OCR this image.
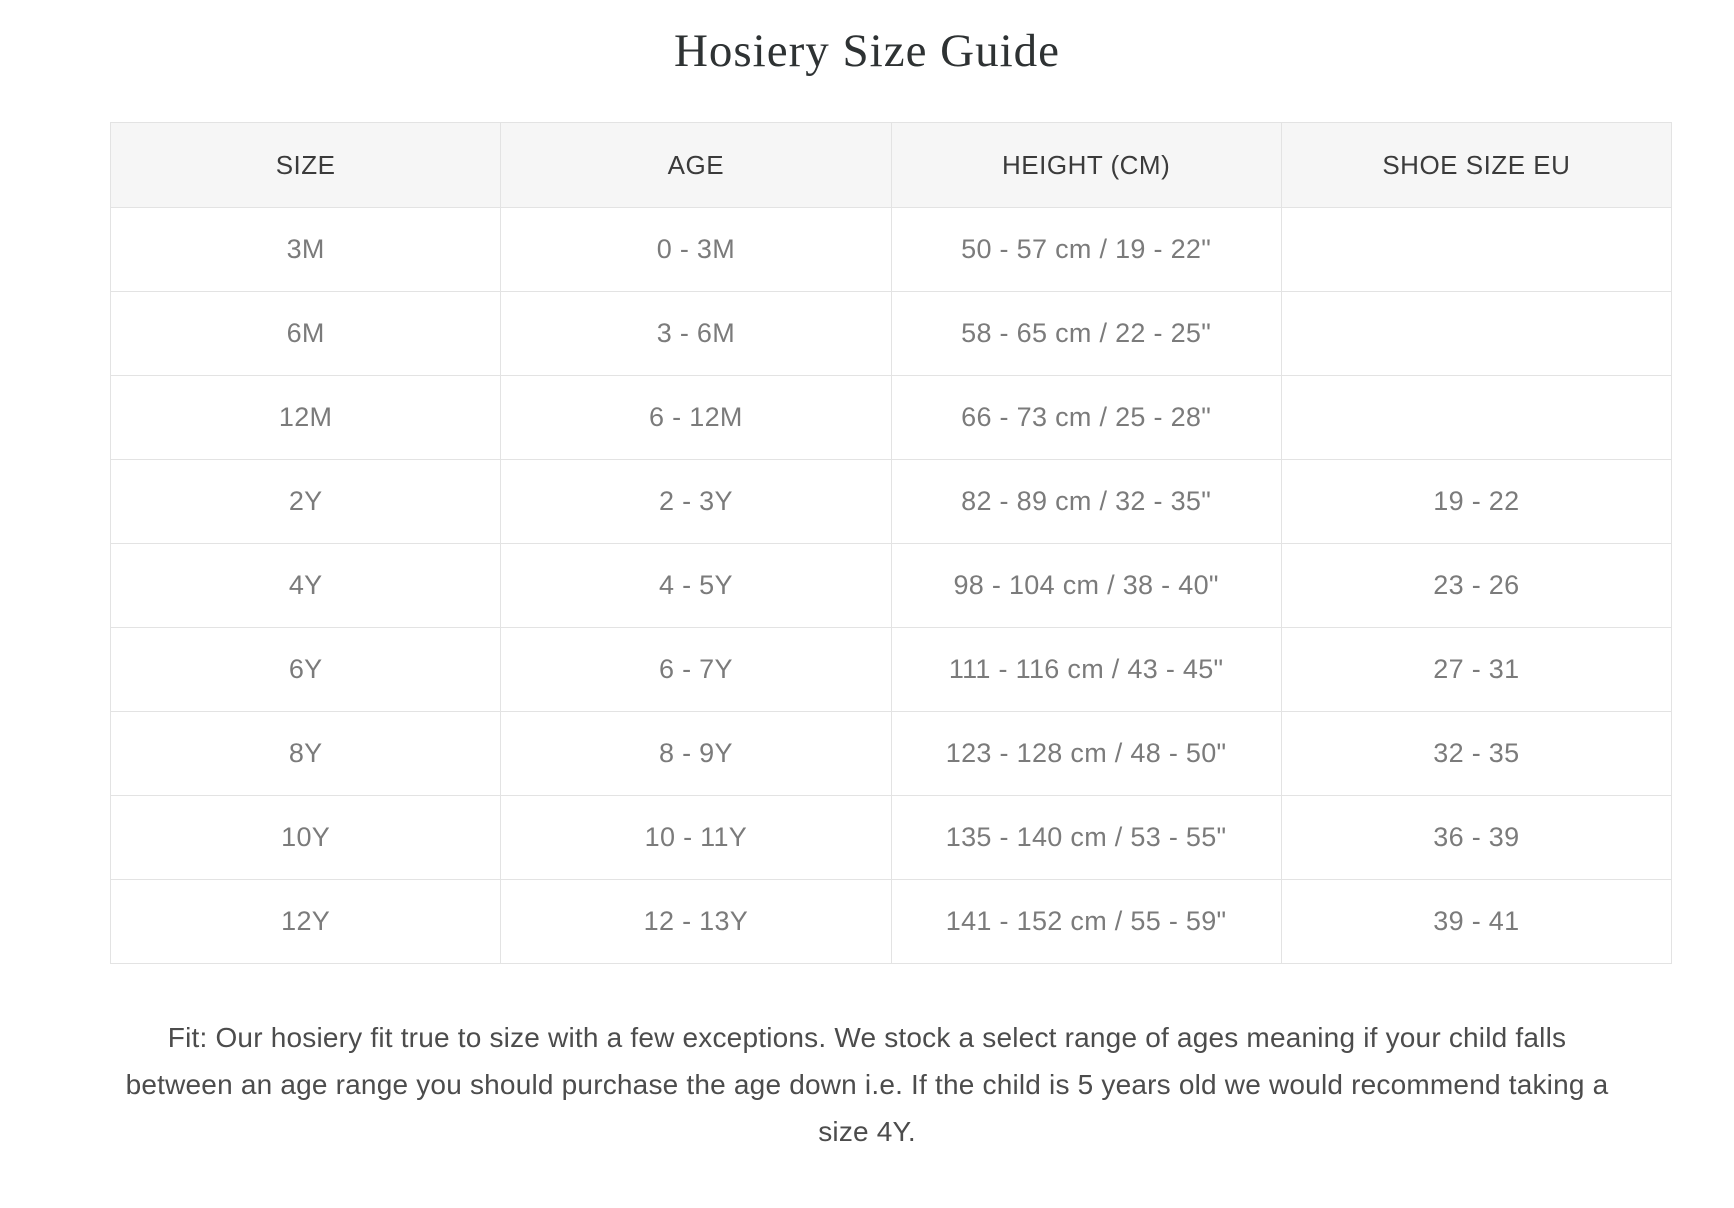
Hosiery Size Guide
SIZE	AGE	HEIGHT (CM)	SHOE SIZE EU
3M	0 - 3M	50 - 57 cm / 19 - 22"	
6M	3 - 6M	58 - 65 cm / 22 - 25"	
12M	6 - 12M	66 - 73 cm / 25 - 28"	
2Y	2 - 3Y	82 - 89 cm / 32 - 35"	19 - 22
4Y	4 - 5Y	98 - 104 cm / 38 - 40"	23 - 26
6Y	6 - 7Y	111 - 116 cm / 43 - 45"	27 - 31
8Y	8 - 9Y	123 - 128 cm / 48 - 50"	32 - 35
10Y	10 - 11Y	135 - 140 cm / 53 - 55"	36 - 39
12Y	12 - 13Y	141 - 152 cm / 55 - 59"	39 - 41

Fit: Our hosiery fit true to size with a few exceptions. We stock a select range of ages meaning if your child falls between an age range you should purchase the age down i.e. If the child is 5 years old we would recommend taking a size 4Y.
